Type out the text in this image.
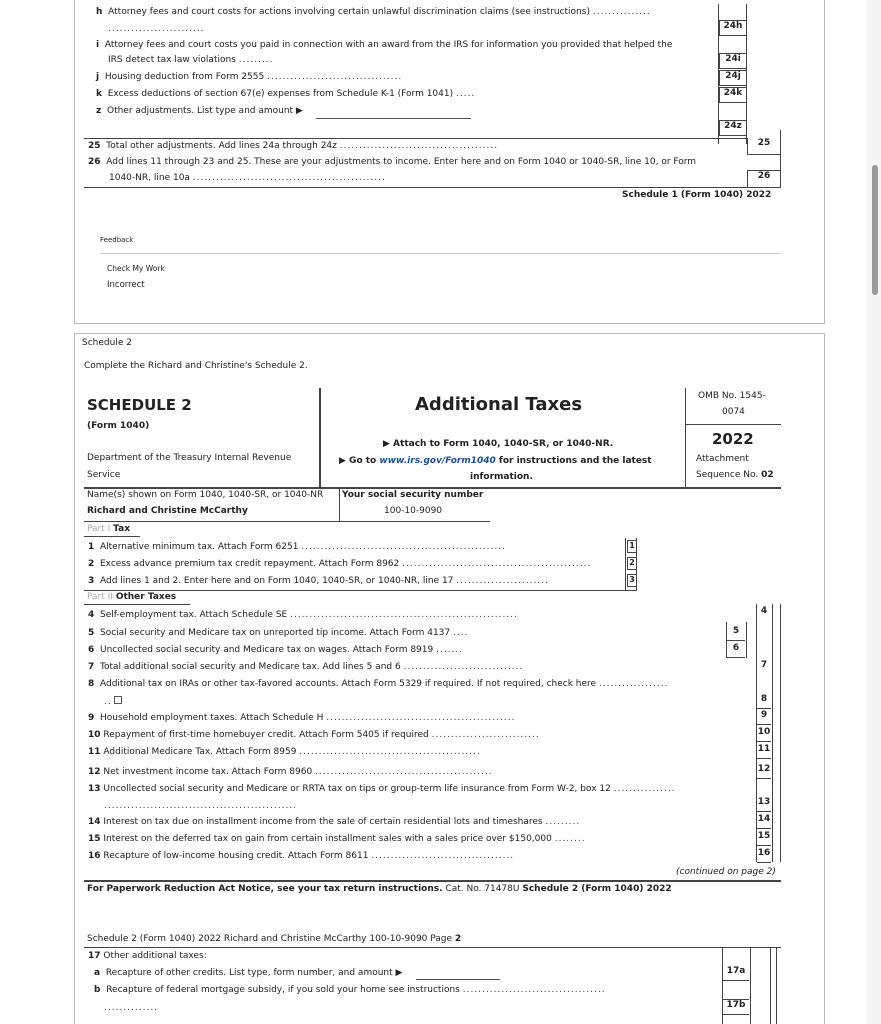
h Attorney fees and court costs for actions involving certain unlawful discrimination claims (see instructions) ...............
.........................	24h
i Attorney fees and court costs you paid in connection with an award from the IRS for information you provided that helped the
IRS detect tax law violations .........	24i
j Housing deduction from Form 2555 ...................................	24j
k Excess deductions of section 67(e) expenses from Schedule K-1 (Form 1041) .....	24k
z Other adjustments. List type and amount ▶
24z
25 Total other adjustments. Add lines 24a through 24z .........................................	25
26 Add lines 11 through 23 and 25. These are your adjustments to income. Enter here and on Form 1040 or 1040-SR, line 10, or Form
1040-NR, line 10a ..................................................	26
Schedule 1 (Form 1040) 2022
Feedback
Check My Work
Incorrect
Schedule 2
Complete the Richard and Christine's Schedule 2.
SCHEDULE 2
(Form 1040)
Department of the Treasury Internal Revenue
Service
Additional Taxes
▶ Attach to Form 1040, 1040-SR, or 1040-NR.
▶ Go to www.irs.gov/Form1040 for instructions and the latest
information.
OMB No. 1545-
0074
2022
Attachment
Sequence No. 02
Name(s) shown on Form 1040, 1040-SR, or 1040-NR Your social security number
Richard and Christine McCarthy	100-10-9090
Part I Tax
1 Alternative minimum tax. Attach Form 6251 .....................................................	1
2 Excess advance premium tax credit repayment. Attach Form 8962 .................................................	2
3 Add lines 1 and 2. Enter here and on Form 1040, 1040-SR, or 1040-NR, line 17 ........................	3
Part II Other Taxes
4 Self-employment tax. Attach Schedule SE ...........................................................	4
5 Social security and Medicare tax on unreported tip income. Attach Form 4137 ....	5
6 Uncollected social security and Medicare tax on wages. Attach Form 8919 .......	6
7 Total additional social security and Medicare tax. Add lines 5 and 6 ...............................	7
8 Additional tax on IRAs or other tax-favored accounts. Attach Form 5329 if required. If not required, check here ..................
..	8
9 Household employment taxes. Attach Schedule H .................................................	9
10 Repayment of first-time homebuyer credit. Attach Form 5405 if required ............................	10
11 Additional Medicare Tax. Attach Form 8959 ...............................................	11
12 Net investment income tax. Attach Form 8960 ..............................................	12
13 Uncollected social security and Medicare or RRTA tax on tips or group-term life insurance from Form W-2, box 12 ................
..................................................	13
14 Interest on tax due on installment income from the sale of certain residential lots and timeshares .........	14
15 Interest on the deferred tax on gain from certain installment sales with a sales price over $150,000 ........	15
16 Recapture of low-income housing credit. Attach Form 8611 .....................................	16
(continued on page 2)
For Paperwork Reduction Act Notice, see your tax return instructions. Cat. No. 71478U Schedule 2 (Form 1040) 2022
Schedule 2 (Form 1040) 2022 Richard and Christine McCarthy 100-10-9090 Page 2
17 Other additional taxes:
a Recapture of other credits. List type, form number, and amount ▶	17a
b Recapture of federal mortgage subsidy, if you sold your home see instructions .....................................
..............	17b
